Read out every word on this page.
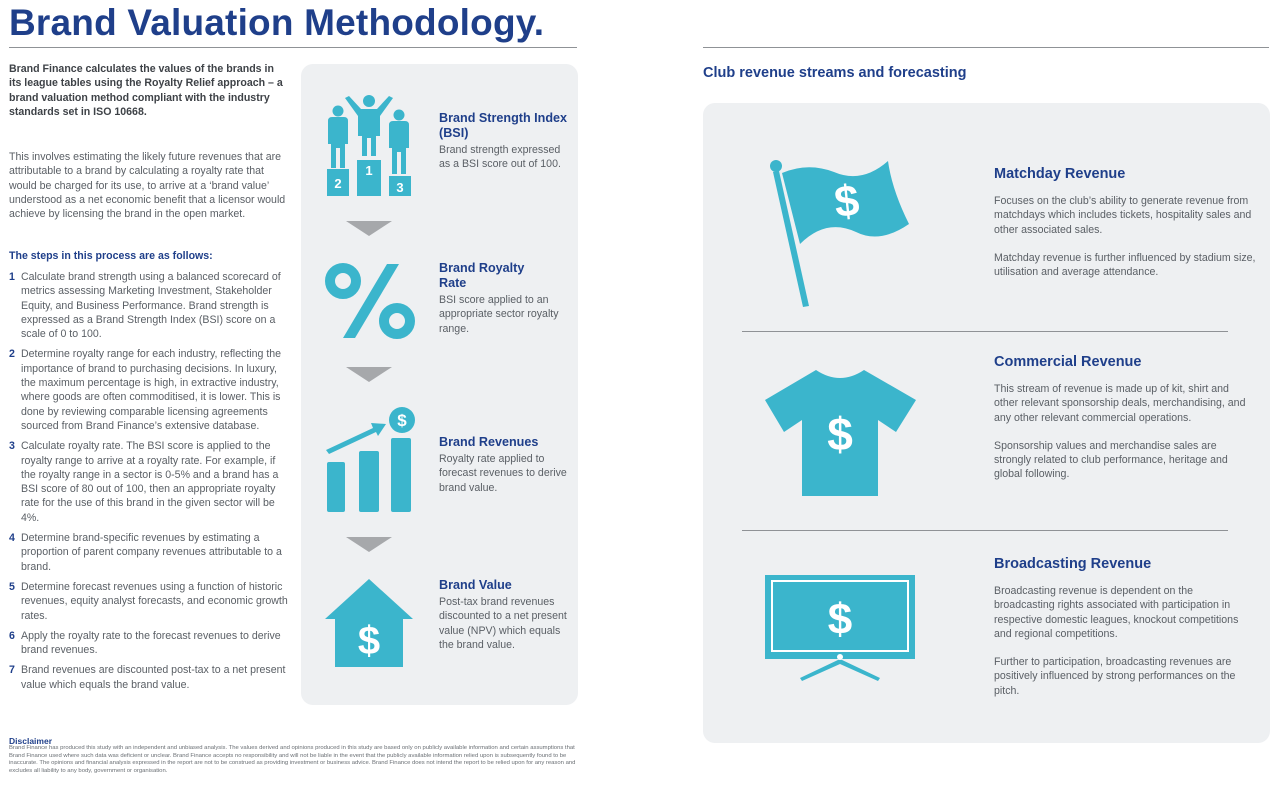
Brand Valuation Methodology.

Brand Finance calculates the values of the brands in its league tables using the Royalty Relief approach – a brand valuation method compliant with the industry standards set in ISO 10668.

This involves estimating the likely future revenues that are attributable to a brand by calculating a royalty rate that would be charged for its use, to arrive at a ‘brand value’ understood as a net economic benefit that a licensor would achieve by licensing the brand in the open market.

The steps in this process are as follows:
1 Calculate brand strength using a balanced scorecard of metrics assessing Marketing Investment, Stakeholder Equity, and Business Performance. Brand strength is expressed as a Brand Strength Index (BSI) score on a scale of 0 to 100.
2 Determine royalty range for each industry, reflecting the importance of brand to purchasing decisions. In luxury, the maximum percentage is high, in extractive industry, where goods are often commoditised, it is lower. This is done by reviewing comparable licensing agreements sourced from Brand Finance’s extensive database.
3 Calculate royalty rate. The BSI score is applied to the royalty range to arrive at a royalty rate. For example, if the royalty range in a sector is 0-5% and a brand has a BSI score of 80 out of 100, then an appropriate royalty rate for the use of this brand in the given sector will be 4%.
4 Determine brand-specific revenues by estimating a proportion of parent company revenues attributable to a brand.
5 Determine forecast revenues using a function of historic revenues, equity analyst forecasts, and economic growth rates.
6 Apply the royalty rate to the forecast revenues to derive brand revenues.
7 Brand revenues are discounted post-tax to a net present value which equals the brand value.
Disclaimer

Brand Finance has produced this study with an independent and unbiased analysis. The values derived and opinions produced in this study are based only on publicly available information and certain assumptions that Brand Finance used where such data was deficient or unclear. Brand Finance accepts no responsibility and will not be liable in the event that the publicly available information relied upon is subsequently found to be inaccurate. The opinions and financial analysis expressed in the report are not to be construed as providing investment or business advice. Brand Finance does not intend the report to be relied upon for any reason and excludes all liability to any body, government or organisation.

2
1
3
Brand Strength Index (BSI)
Brand strength expressed as a BSI score out of 100.
Brand Royalty Rate
BSI score applied to an appropriate sector royalty range.
$
Brand Revenues
Royalty rate applied to forecast revenues to derive brand value.
$
Brand Value
Post-tax brand revenues discounted to a net present value (NPV) which equals the brand value.
Club revenue streams and forecasting
$
Matchday Revenue

Focuses on the club’s ability to generate revenue from matchdays which includes tickets, hospitality sales and other associated sales.

Matchday revenue is further influenced by stadium size, utilisation and average attendance.

$
Commercial Revenue

This stream of revenue is made up of kit, shirt and other relevant sponsorship deals, merchandising, and any other relevant commercial operations.

Sponsorship values and merchandise sales are strongly related to club performance, heritage and global following.

$
Broadcasting Revenue

Broadcasting revenue is dependent on the broadcasting rights associated with participation in respective domestic leagues, knockout competitions and regional competitions.

Further to participation, broadcasting revenues are positively influenced by strong performances on the pitch.
